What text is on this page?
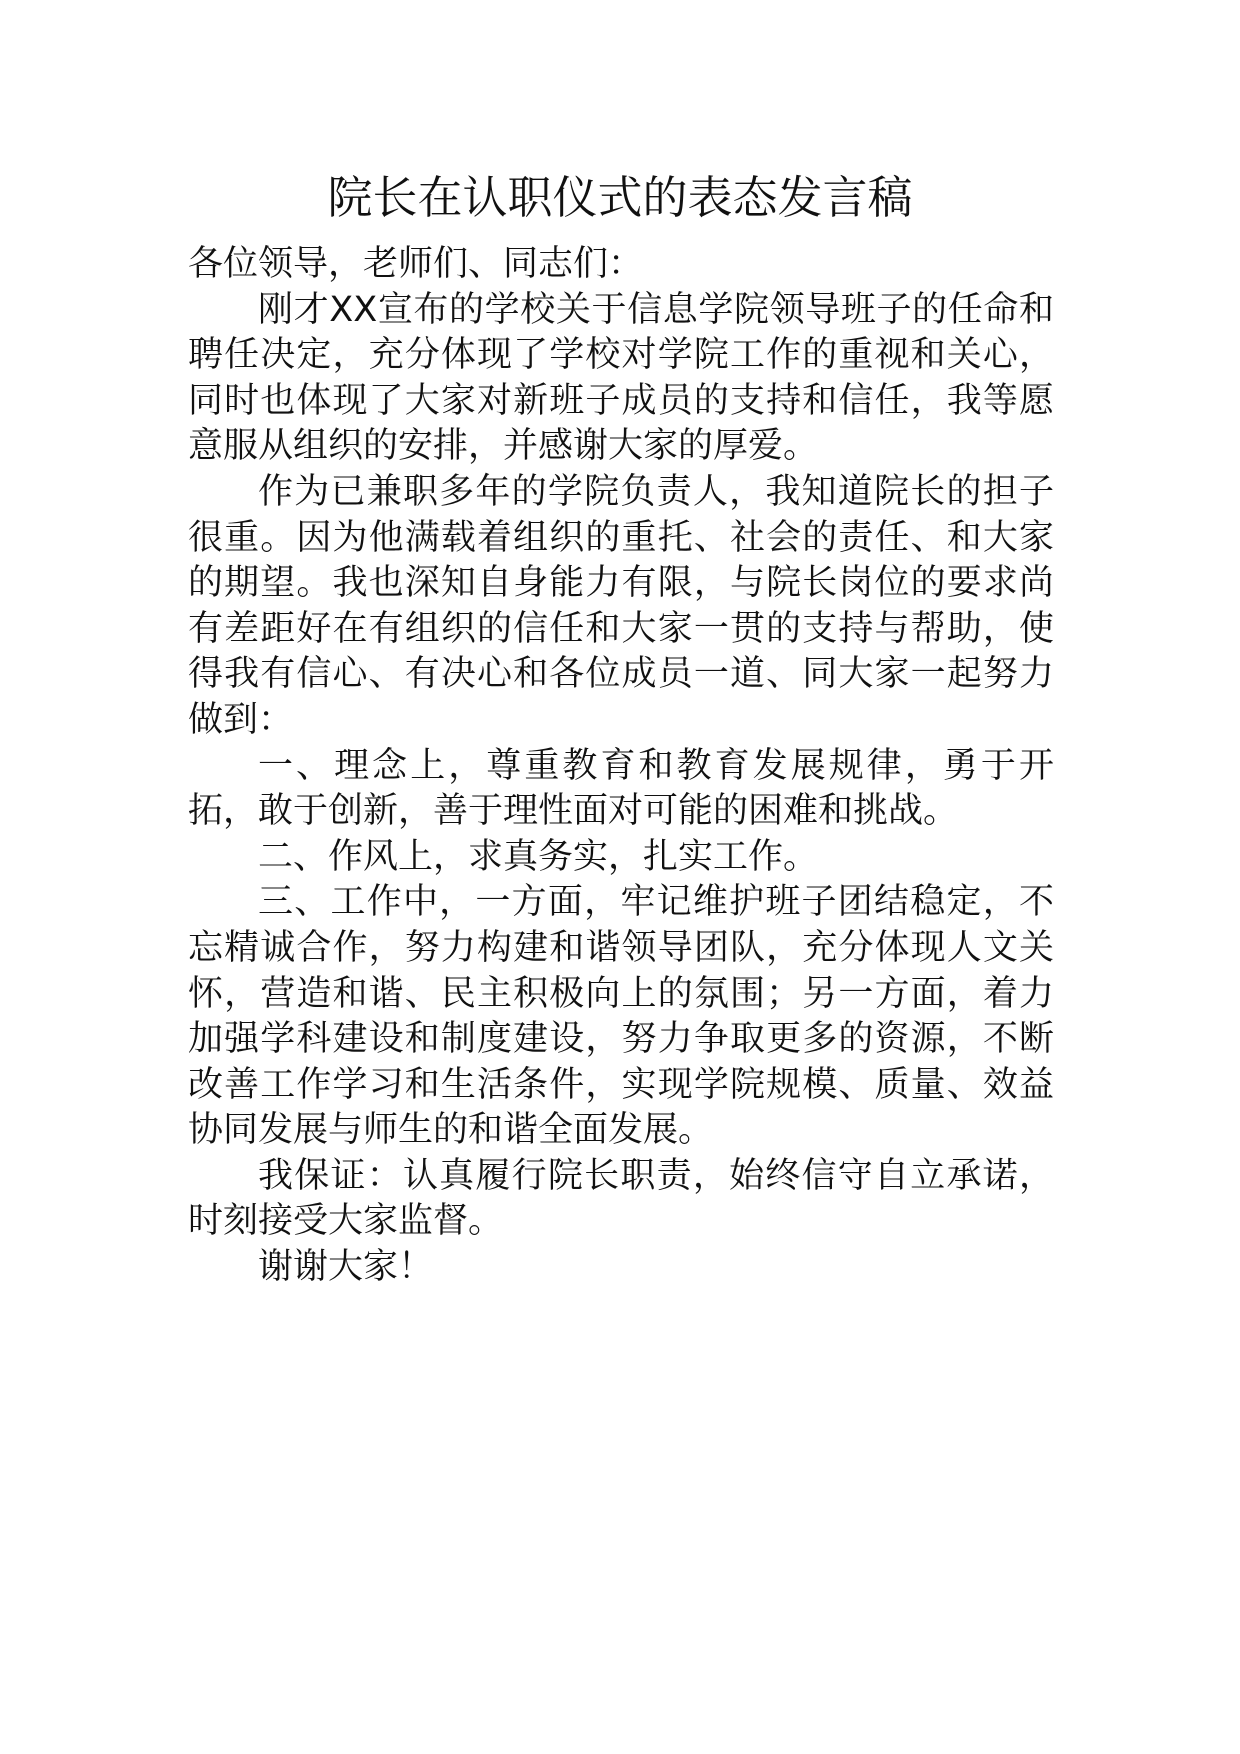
院长在认职仪式的表态发言稿

各位领导，老师们、同志们：

刚才XX宣布的学校关于信息学院领导班子的任命和聘任决定，充分体现了学校对学院工作的重视和关心，同时也体现了大家对新班子成员的支持和信任，我等愿意服从组织的安排，并感谢大家的厚爱。

作为已兼职多年的学院负责人，我知道院长的担子很重。因为他满载着组织的重托、社会的责任、和大家的期望。我也深知自身能力有限，与院长岗位的要求尚有差距好在有组织的信任和大家一贯的支持与帮助，使得我有信心、有决心和各位成员一道、同大家一起努力做到：

一、理念上，尊重教育和教育发展规律，勇于开拓，敢于创新，善于理性面对可能的困难和挑战。

二、作风上，求真务实，扎实工作。

三、工作中，一方面，牢记维护班子团结稳定，不忘精诚合作，努力构建和谐领导团队，充分体现人文关怀，营造和谐、民主积极向上的氛围；另一方面，着力加强学科建设和制度建设，努力争取更多的资源，不断改善工作学习和生活条件，实现学院规模、质量、效益协同发展与师生的和谐全面发展。

我保证：认真履行院长职责，始终信守自立承诺，时刻接受大家监督。

谢谢大家！
